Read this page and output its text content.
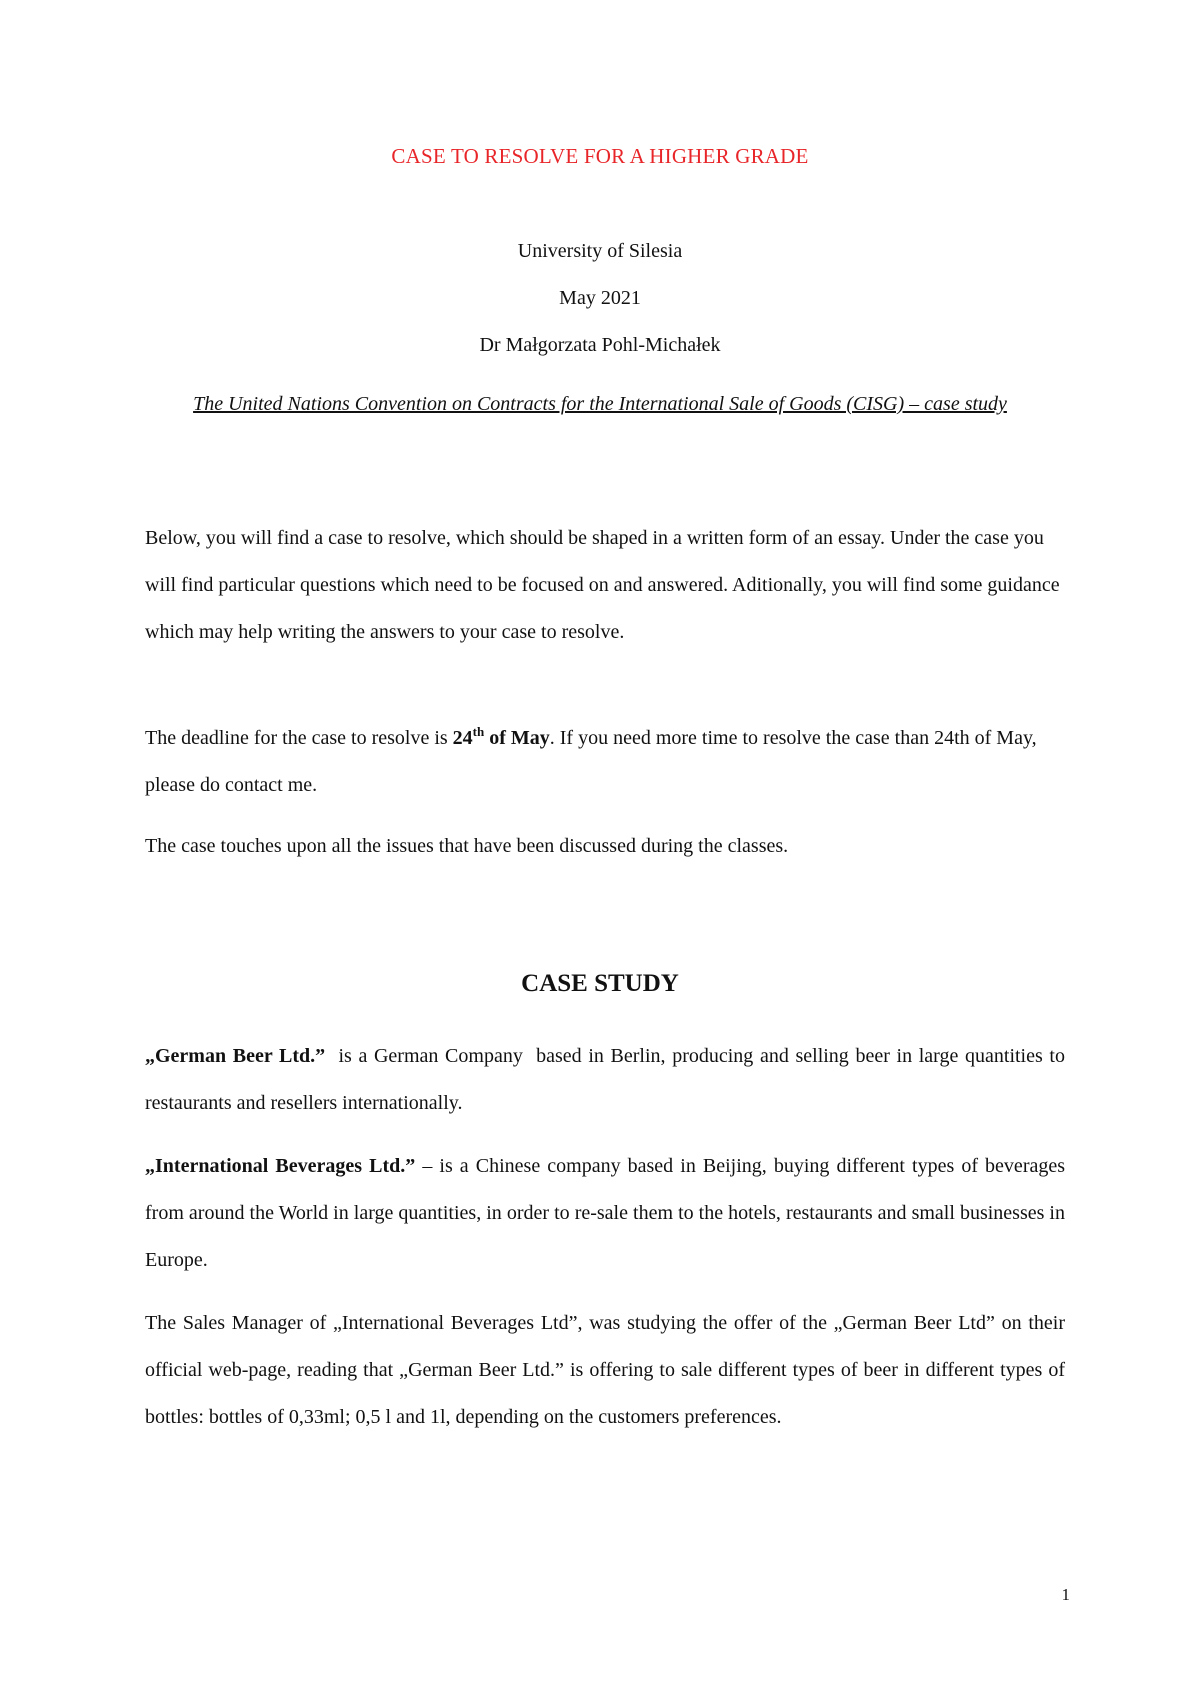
CASE TO RESOLVE FOR A HIGHER GRADE
University of Silesia
May 2021
Dr Małgorzata Pohl-Michałek
The United Nations Convention on Contracts for the International Sale of Goods (CISG) – case study
Below, you will find a case to resolve, which should be shaped in a written form of an essay. Under the case you will find particular questions which need to be focused on and answered. Aditionally, you will find some guidance which may help writing the answers to your case to resolve.
The deadline for the case to resolve is 24th of May. If you need more time to resolve the case than 24th of May, please do contact me.
The case touches upon all the issues that have been discussed during the classes.
CASE STUDY
„German Beer Ltd.”  is a German Company  based in Berlin, producing and selling beer in large quantities to restaurants and resellers internationally.
„International Beverages Ltd.” – is a Chinese company based in Beijing, buying different types of beverages from around the World in large quantities, in order to re-sale them to the hotels, restaurants and small businesses in Europe.
The Sales Manager of „International Beverages Ltd”, was studying the offer of the „German Beer Ltd” on their official web-page, reading that „German Beer Ltd.” is offering to sale different types of beer in different types of bottles: bottles of 0,33ml; 0,5 l and 1l, depending on the customers preferences.
1
